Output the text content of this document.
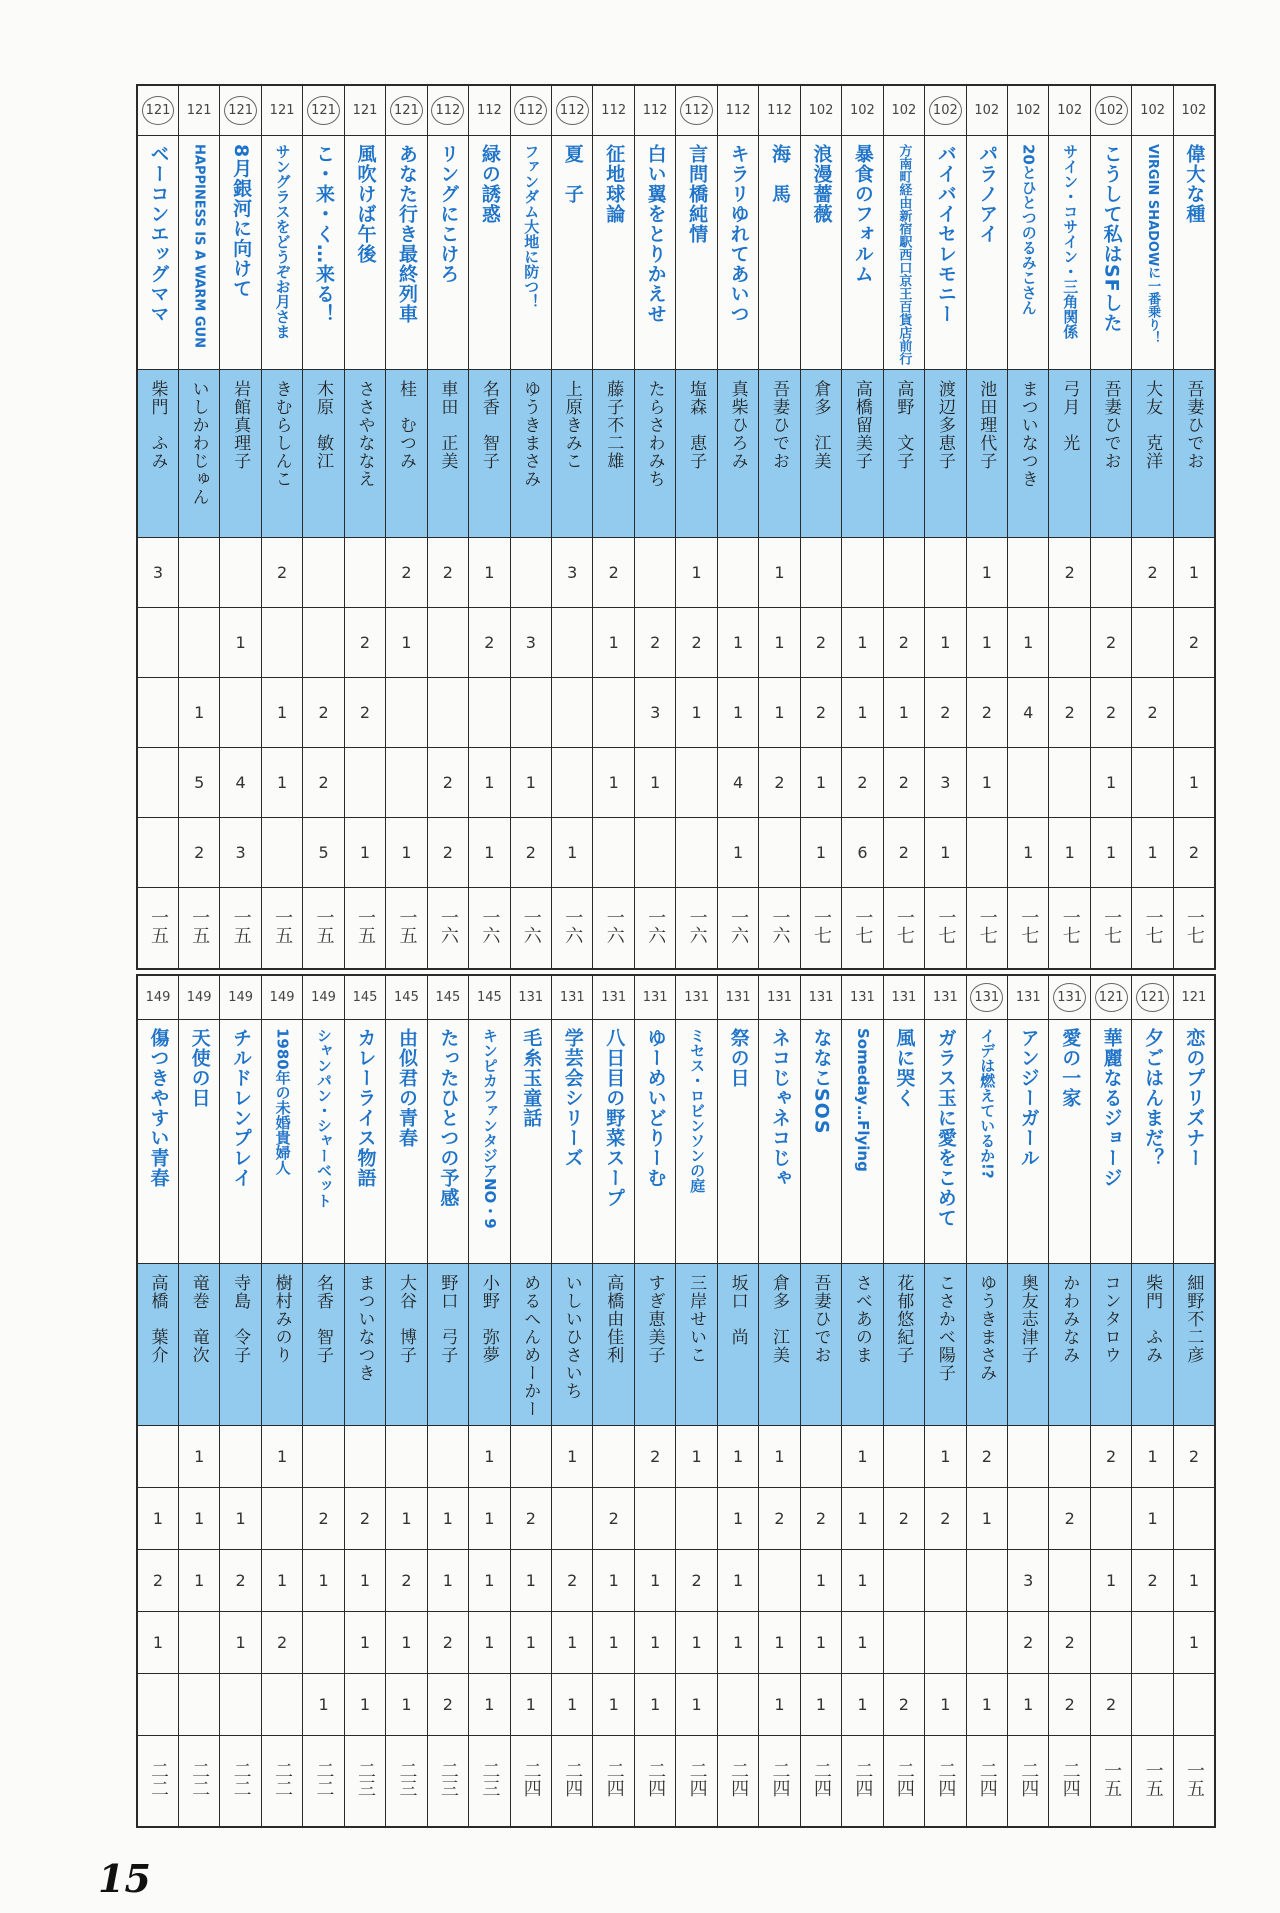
121	121	121	121	121	121	121	112	112	112	112	112	112	112	112	112	102	102	102	102	102	102	102	102	102	102
ベーコンエッグママ	HAPPINESS IS A WARM GUN	8月銀河に向けて	サングラスをどうぞお月さま	こ・来・く…来る！	風吹けば午後	あなた行き最終列車	リングにこけろ	緑の誘惑	ファンダム大地に防つ！	夏　子	征地球論	白い翼をとりかえせ	言問橋純情	キラリゆれてあいつ	海　馬	浪漫薔薇	暴食のフォルム	方南町経由新宿駅西口京王百貨店前行	バイバイセレモニー	パラノアイ	20とひとつのるみこさん	サイン・コサイン・三角関係	こうして私はSFした	VIRGIN SHADOWに一番乗り！	偉大な種
柴門　ふみ	いしかわじゅん	岩館真理子	きむらしんこ	木原　敏江	ささやななえ	桂　むつみ	車田　正美	名香　智子	ゆうきまさみ	上原きみこ	藤子不二雄	たらさわみち	塩森　恵子	真柴ひろみ	吾妻ひでお	倉多　江美	高橋留美子	高野　文子	渡辺多恵子	池田理代子	まついなつき	弓月　光	吾妻ひでお	大友　克洋	吾妻ひでお
3			2			2	2	1		3	2		1		1					1		2		2	1
		1			2	1		2	3		1	2	2	1	1	2	1	2	1	1	1		2		2
	1		1	2	2							3	1	1	1	2	1	1	2	2	4	2	2	2	
	5	4	1	2			2	1	1		1	1		4	2	1	2	2	3	1			1		1
	2	3		5	1	1	2	1	2	1				1		1	6	2	1		1	1	1	1	2
一五	一五	一五	一五	一五	一五	一五	一六	一六	一六	一六	一六	一六	一六	一六	一六	一七	一七	一七	一七	一七	一七	一七	一七	一七	一七
149	149	149	149	149	145	145	145	145	131	131	131	131	131	131	131	131	131	131	131	131	131	131	121	121	121
傷つきやすい青春	天使の日	チルドレンプレイ	1980年の未婚貴婦人	シャンパン・シャーベット	カレーライス物語	由似君の青春	たったひとつの予感	キンピカファンタジアNO・9	毛糸玉童話	学芸会シリーズ	八日目の野菜スープ	ゆーめいどりーむ	ミセス・ロビンソンの庭	祭の日	ネコじゃネコじゃ	ななこSOS	Someday…Flying	風に哭く	ガラス玉に愛をこめて	イデは燃えているか!?	アンジーガール	愛の一家	華麗なるジョージ	夕ごはんまだ？	恋のプリズナー
高橋　葉介	竜巻　竜次	寺島　令子	樹村みのり	名香　智子	まついなつき	大谷　博子	野口　弓子	小野　弥夢	めるへんめーかー	いしいひさいち	高橋由佳利	すぎ恵美子	三岸せいこ	坂口　尚	倉多　江美	吾妻ひでお	さべあのま	花郁悠紀子	こさかべ陽子	ゆうきまさみ	奥友志津子	かわみなみ	コンタロウ	柴門　ふみ	細野不二彦
	1		1					1		1		2	1	1	1		1		1	2			2	1	2
1	1	1		2	2	1	1	1	2		2			1	2	2	1	2	2	1		2		1	
2	1	2	1	1	1	2	1	1	1	2	1	1	2	1		1	1				3		1	2	1
1		1	2		1	1	2	1	1	1	1	1	1	1	1	1	1				2	2			1
				1	1	1	2	1	1	1	1	1	1		1	1	1	2	1	1	1	2	2		
二二	二二	二二	二二	二二	二三	二三	二三	二三	二四	二四	二四	二四	二四	二四	二四	二四	二四	二四	二四	二四	二四	二四	一五	一五	一五
15
